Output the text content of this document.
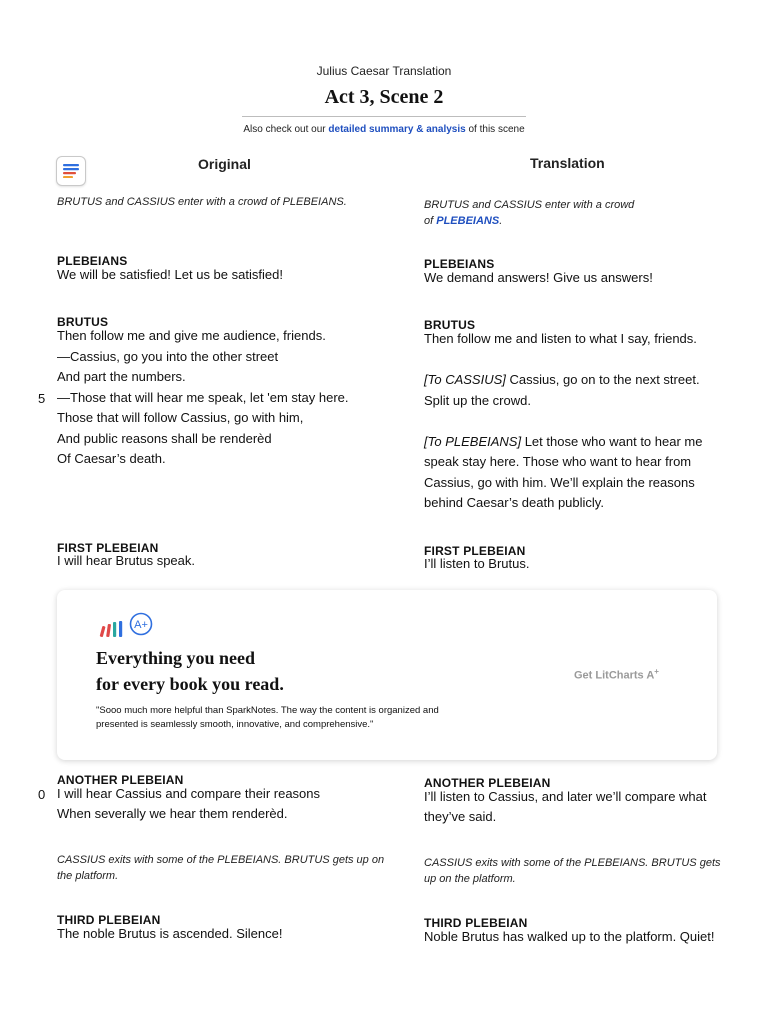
Julius Caesar Translation
Act 3, Scene 2
Also check out our detailed summary & analysis of this scene
Original	Translation
BRUTUS and CASSIUS enter with a crowd of PLEBEIANS.
PLEBEIANS
We will be satisfied! Let us be satisfied!
BRUTUS
Then follow me and give me audience, friends.
—Cassius, go you into the other street
And part the numbers.
5 —Those that will hear me speak, let 'em stay here.
Those that will follow Cassius, go with him,
And public reasons shall be renderèd
Of Caesar’s death.
FIRST PLEBEIAN
I will hear Brutus speak.
ANOTHER PLEBEIAN
0 I will hear Cassius and compare their reasons
When severally we hear them renderèd.
CASSIUS exits with some of the PLEBEIANS. BRUTUS gets up on the platform.
THIRD PLEBEIAN
The noble Brutus is ascended. Silence!
BRUTUS and CASSIUS enter with a crowd
of PLEBEIANS.
PLEBEIANS
We demand answers! Give us answers!
BRUTUS
Then follow me and listen to what I say, friends.
[To CASSIUS] Cassius, go on to the next street.
Split up the crowd.
[To PLEBEIANS] Let those who want to hear me speak stay here. Those who want to hear from Cassius, go with him. We’ll explain the reasons behind Caesar’s death publicly.
FIRST PLEBEIAN
I’ll listen to Brutus.
ANOTHER PLEBEIAN
I’ll listen to Cassius, and later we’ll compare what they’ve said.
CASSIUS exits with some of the PLEBEIANS. BRUTUS gets up on the platform.
THIRD PLEBEIAN
Noble Brutus has walked up to the platform. Quiet!
A+
Everything you need
for every book you read.
"Sooo much more helpful than SparkNotes. The way the content is organized and presented is seamlessly smooth, innovative, and comprehensive."
Get LitCharts A+
